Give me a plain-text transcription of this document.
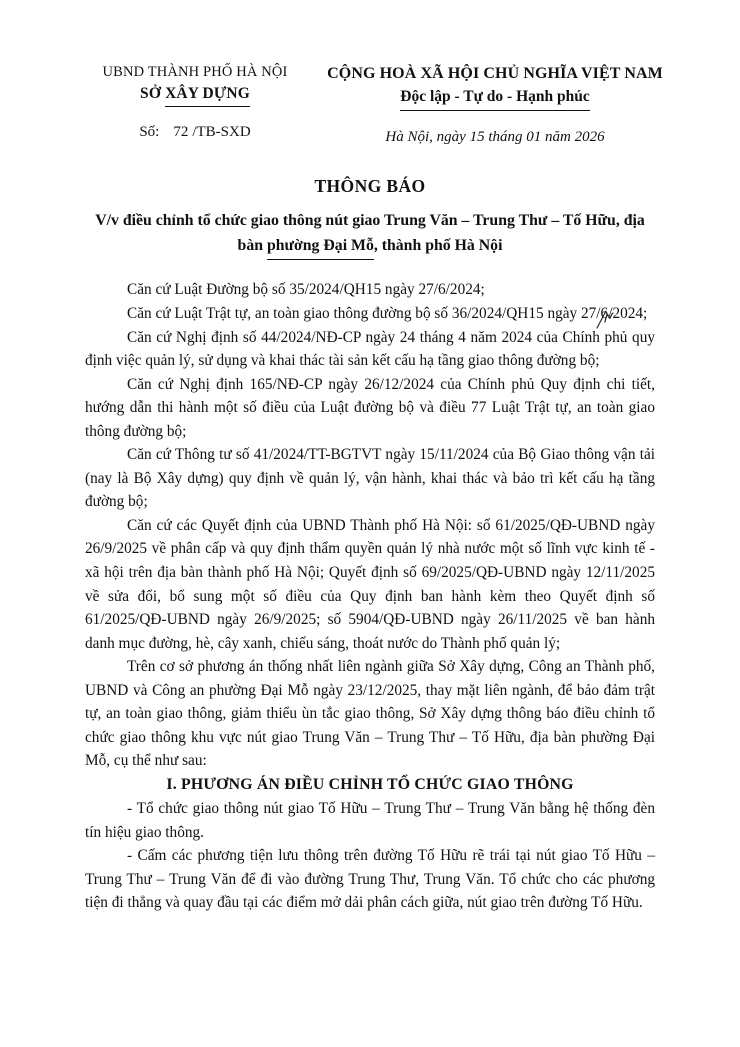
UBND THÀNH PHỐ HÀ NỘI
SỞ XÂY DỰNG
Số: 72 /TB-SXD
CỘNG HOÀ XÃ HỘI CHỦ NGHĨA VIỆT NAM
Độc lập - Tự do - Hạnh phúc
Hà Nội, ngày 15 tháng 01 năm 2026
THÔNG BÁO
V/v điều chỉnh tổ chức giao thông nút giao Trung Văn – Trung Thư – Tố Hữu, địa bàn phường Đại Mỗ, thành phố Hà Nội

Căn cứ Luật Đường bộ số 35/2024/QH15 ngày 27/6/2024;

Căn cứ Luật Trật tự, an toàn giao thông đường bộ số 36/2024/QH15 ngày 27/6/2024;

Căn cứ Nghị định số 44/2024/NĐ-CP ngày 24 tháng 4 năm 2024 của Chính phủ quy định việc quản lý, sử dụng và khai thác tài sản kết cấu hạ tầng giao thông đường bộ;

Căn cứ Nghị định 165/NĐ-CP ngày 26/12/2024 của Chính phủ Quy định chi tiết, hướng dẫn thi hành một số điều của Luật đường bộ và điều 77 Luật Trật tự, an toàn giao thông đường bộ;

Căn cứ Thông tư số 41/2024/TT-BGTVT ngày 15/11/2024 của Bộ Giao thông vận tải (nay là Bộ Xây dựng) quy định về quản lý, vận hành, khai thác và bảo trì kết cấu hạ tầng đường bộ;

Căn cứ các Quyết định của UBND Thành phố Hà Nội: số 61/2025/QĐ-UBND ngày 26/9/2025 về phân cấp và quy định thẩm quyền quản lý nhà nước một số lĩnh vực kinh tế - xã hội trên địa bàn thành phố Hà Nội; Quyết định số 69/2025/QĐ-UBND ngày 12/11/2025 về sửa đổi, bổ sung một số điều của Quy định ban hành kèm theo Quyết định số 61/2025/QĐ-UBND ngày 26/9/2025; số 5904/QĐ-UBND ngày 26/11/2025 về ban hành danh mục đường, hè, cây xanh, chiếu sáng, thoát nước do Thành phố quản lý;

Trên cơ sở phương án thống nhất liên ngành giữa Sở Xây dựng, Công an Thành phố, UBND và Công an phường Đại Mỗ ngày 23/12/2025, thay mặt liên ngành, để bảo đảm trật tự, an toàn giao thông, giảm thiểu ùn tắc giao thông, Sở Xây dựng thông báo điều chỉnh tổ chức giao thông khu vực nút giao Trung Văn – Trung Thư – Tố Hữu, địa bàn phường Đại Mỗ, cụ thể như sau:

I. PHƯƠNG ÁN ĐIỀU CHỈNH TỔ CHỨC GIAO THÔNG

- Tổ chức giao thông nút giao Tố Hữu – Trung Thư – Trung Văn bằng hệ thống đèn tín hiệu giao thông.

- Cấm các phương tiện lưu thông trên đường Tố Hữu rẽ trái tại nút giao Tố Hữu – Trung Thư – Trung Văn để đi vào đường Trung Thư, Trung Văn. Tổ chức cho các phương tiện đi thẳng và quay đầu tại các điểm mở dải phân cách giữa, nút giao trên đường Tố Hữu.
